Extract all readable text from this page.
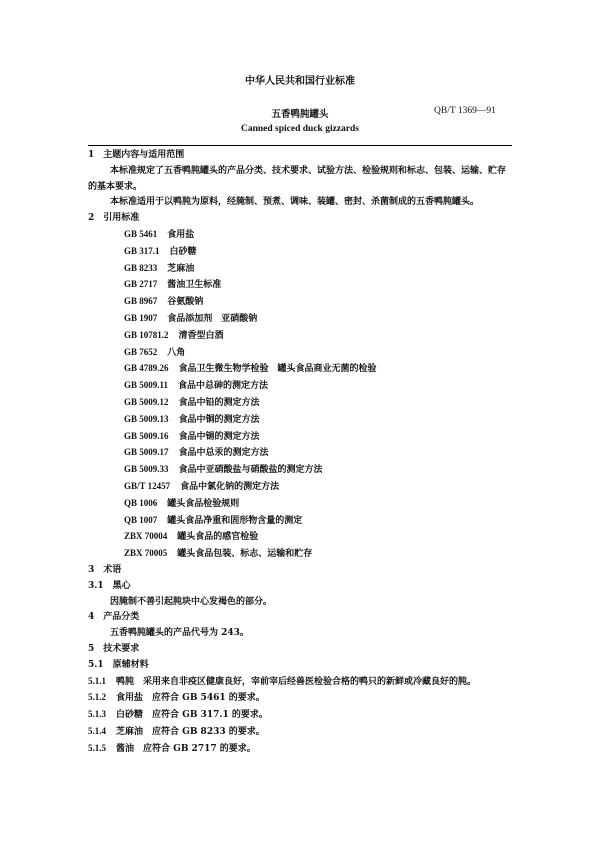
中华人民共和国行业标准
五香鸭肫罐头	QB/T 1369—91
Canned spiced duck gizzards
1　主题内容与适用范围
本标准规定了五香鸭肫罐头的产品分类、技术要求、试验方法、检验规则和标志、包装、运输、贮存的基本要求。
本标准适用于以鸭肫为原料，经腌制、预煮、调味、装罐、密封、杀菌制成的五香鸭肫罐头。
2　引用标准
GB 5461 食用盐
GB 317.1 白砂糖
GB 8233 芝麻油
GB 2717 酱油卫生标准
GB 8967 谷氨酸钠
GB 1907 食品添加剂　亚硝酸钠
GB 10781.2 清香型白酒
GB 7652 八角
GB 4789.26 食品卫生微生物学检验　罐头食品商业无菌的检验
GB 5009.11 食品中总砷的测定方法
GB 5009.12 食品中铅的测定方法
GB 5009.13 食品中铜的测定方法
GB 5009.16 食品中锡的测定方法
GB 5009.17 食品中总汞的测定方法
GB 5009.33 食品中亚硝酸盐与硝酸盐的测定方法
GB/T 12457 食品中氯化钠的测定方法
QB 1006 罐头食品检验规则
QB 1007 罐头食品净重和固形物含量的测定
ZBX 70004 罐头食品的感官检验
ZBX 70005 罐头食品包装、标志、运输和贮存
3　术语
3.1　黑心
因腌制不善引起肫块中心发褐色的部分。
4　产品分类
五香鸭肫罐头的产品代号为 243。
5　技术要求
5.1　原辅材料
5.1.1 鸭肫　采用来自非疫区健康良好，宰前宰后经兽医检验合格的鸭只的新鲜或冷藏良好的肫。
5.1.2 食用盐　应符合 GB 5461 的要求。
5.1.3 白砂糖　应符合 GB 317.1 的要求。
5.1.4 芝麻油　应符合 GB 8233 的要求。
5.1.5 酱油　应符合 GB 2717 的要求。
